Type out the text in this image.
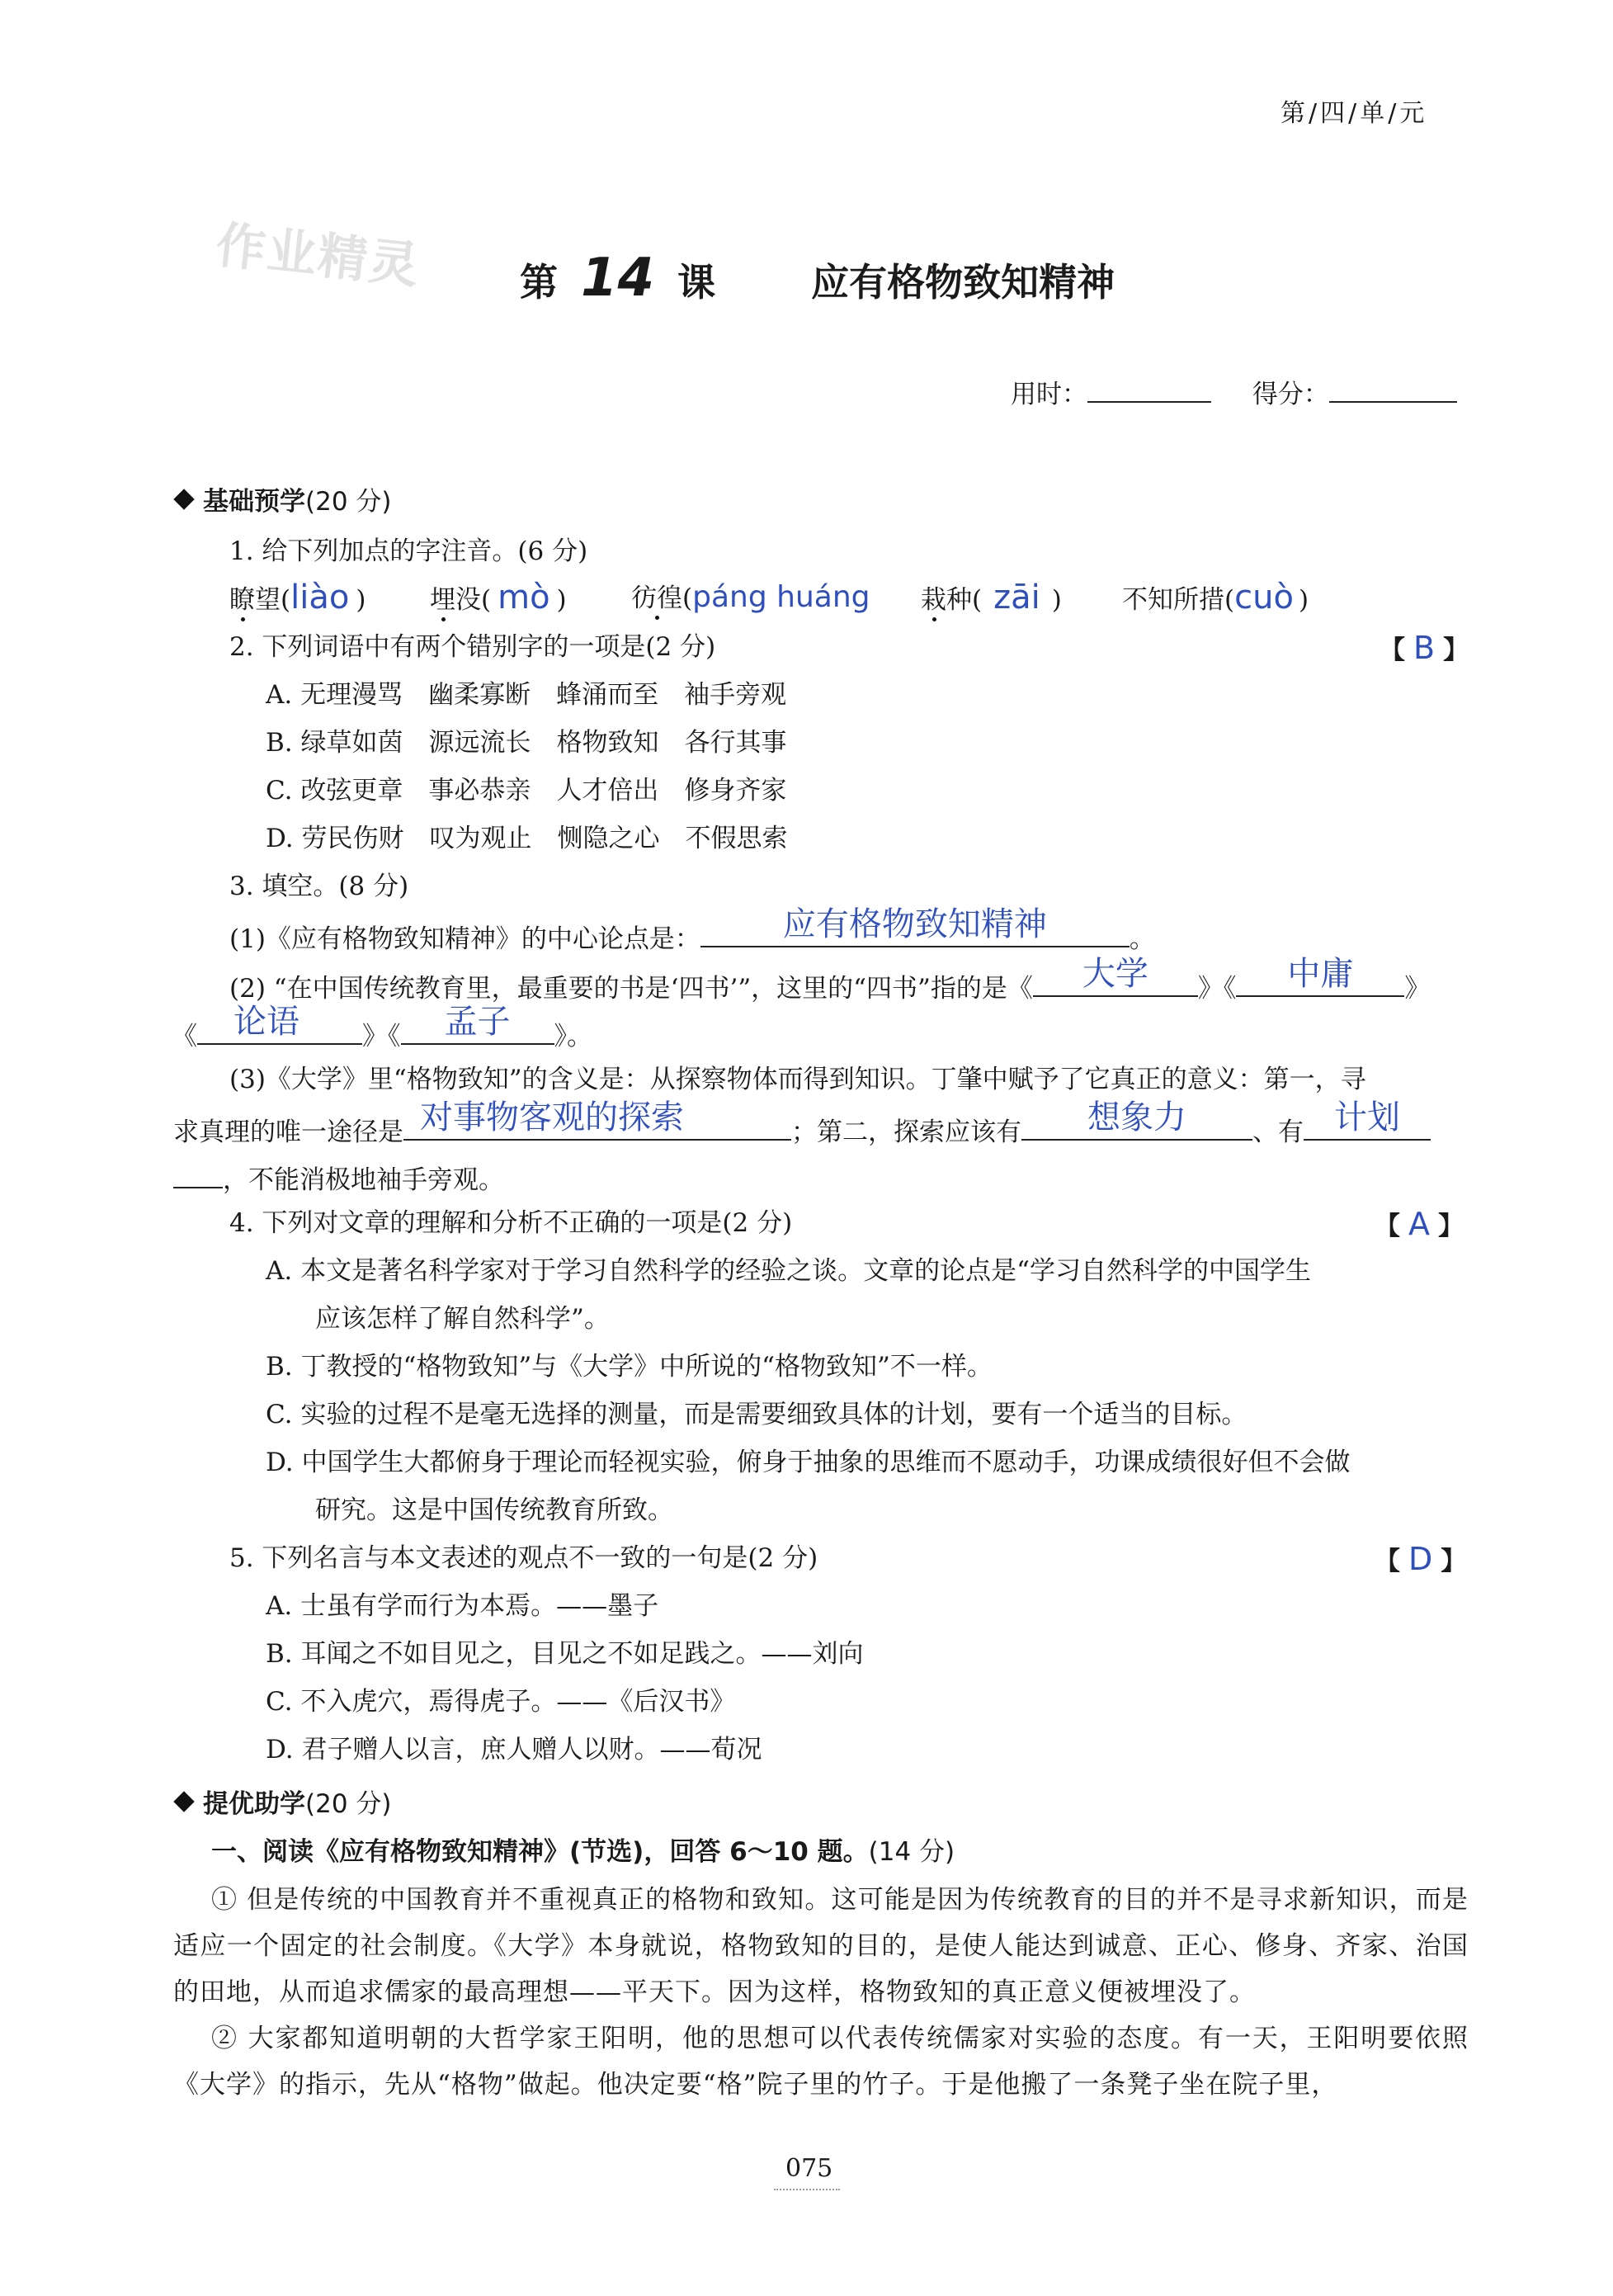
第/四/单/元
作业精灵	第 14 课	应有格物致知精神
用时：	得分：
基础预学(20 分)
1. 给下列加点的字注音。(6 分)
瞭望(liào )	埋没( mò )	彷徨(páng huáng 栽种( zāi ) 不知所措(cuò )
2. 下列词语中有两个错别字的一项是(2 分)	【 B 】
A. 无理漫骂　幽柔寡断　蜂涌而至　袖手旁观
B. 绿草如茵　源远流长　格物致知　各行其事
C. 改弦更章　事必恭亲　人才倍出　修身齐家
D. 劳民伤财　叹为观止　恻隐之心　不假思索
3. 填空。(8 分)
(1)《应有格物致知精神》的中心论点是：	应有格物致知精神	。
(2) “在中国传统教育里，最重要的书是‘四书’”，这里的“四书”指的是《	大学	》《	中庸	》
《 论语	》《	孟子	》。
(3)《大学》里“格物致知”的含义是：从探察物体而得到知识。丁肇中赋予了它真正的意义：第一，寻
求真理的唯一途径是 对事物客观的探索	；第二，探索应该有	想象力	、有 计划
，不能消极地袖手旁观。
4. 下列对文章的理解和分析不正确的一项是(2 分)	【 A 】
A. 本文是著名科学家对于学习自然科学的经验之谈。文章的论点是“学习自然科学的中国学生
应该怎样了解自然科学”。
B. 丁教授的“格物致知”与《大学》中所说的“格物致知”不一样。
C. 实验的过程不是毫无选择的测量，而是需要细致具体的计划，要有一个适当的目标。
D. 中国学生大都俯身于理论而轻视实验，俯身于抽象的思维而不愿动手，功课成绩很好但不会做
研究。这是中国传统教育所致。
5. 下列名言与本文表述的观点不一致的一句是(2 分)	【 D 】
A. 士虽有学而行为本焉。——墨子
B. 耳闻之不如目见之，目见之不如足践之。——刘向
C. 不入虎穴，焉得虎子。——《后汉书》
D. 君子赠人以言，庶人赠人以财。——荀况
提优助学(20 分)
一、阅读《应有格物致知精神》(节选)，回答 6～10 题。(14 分)
① 但是传统的中国教育并不重视真正的格物和致知。这可能是因为传统教育的目的并不是寻求新知识，而是适应一个固定的社会制度。《大学》本身就说，格物致知的目的，是使人能达到诚意、正心、修身、齐家、治国的田地，从而追求儒家的最高理想——平天下。因为这样，格物致知的真正意义便被埋没了。
② 大家都知道明朝的大哲学家王阳明，他的思想可以代表传统儒家对实验的态度。有一天，王阳明要依照《大学》的指示，先从“格物”做起。他决定要“格”院子里的竹子。于是他搬了一条凳子坐在院子里，
075
